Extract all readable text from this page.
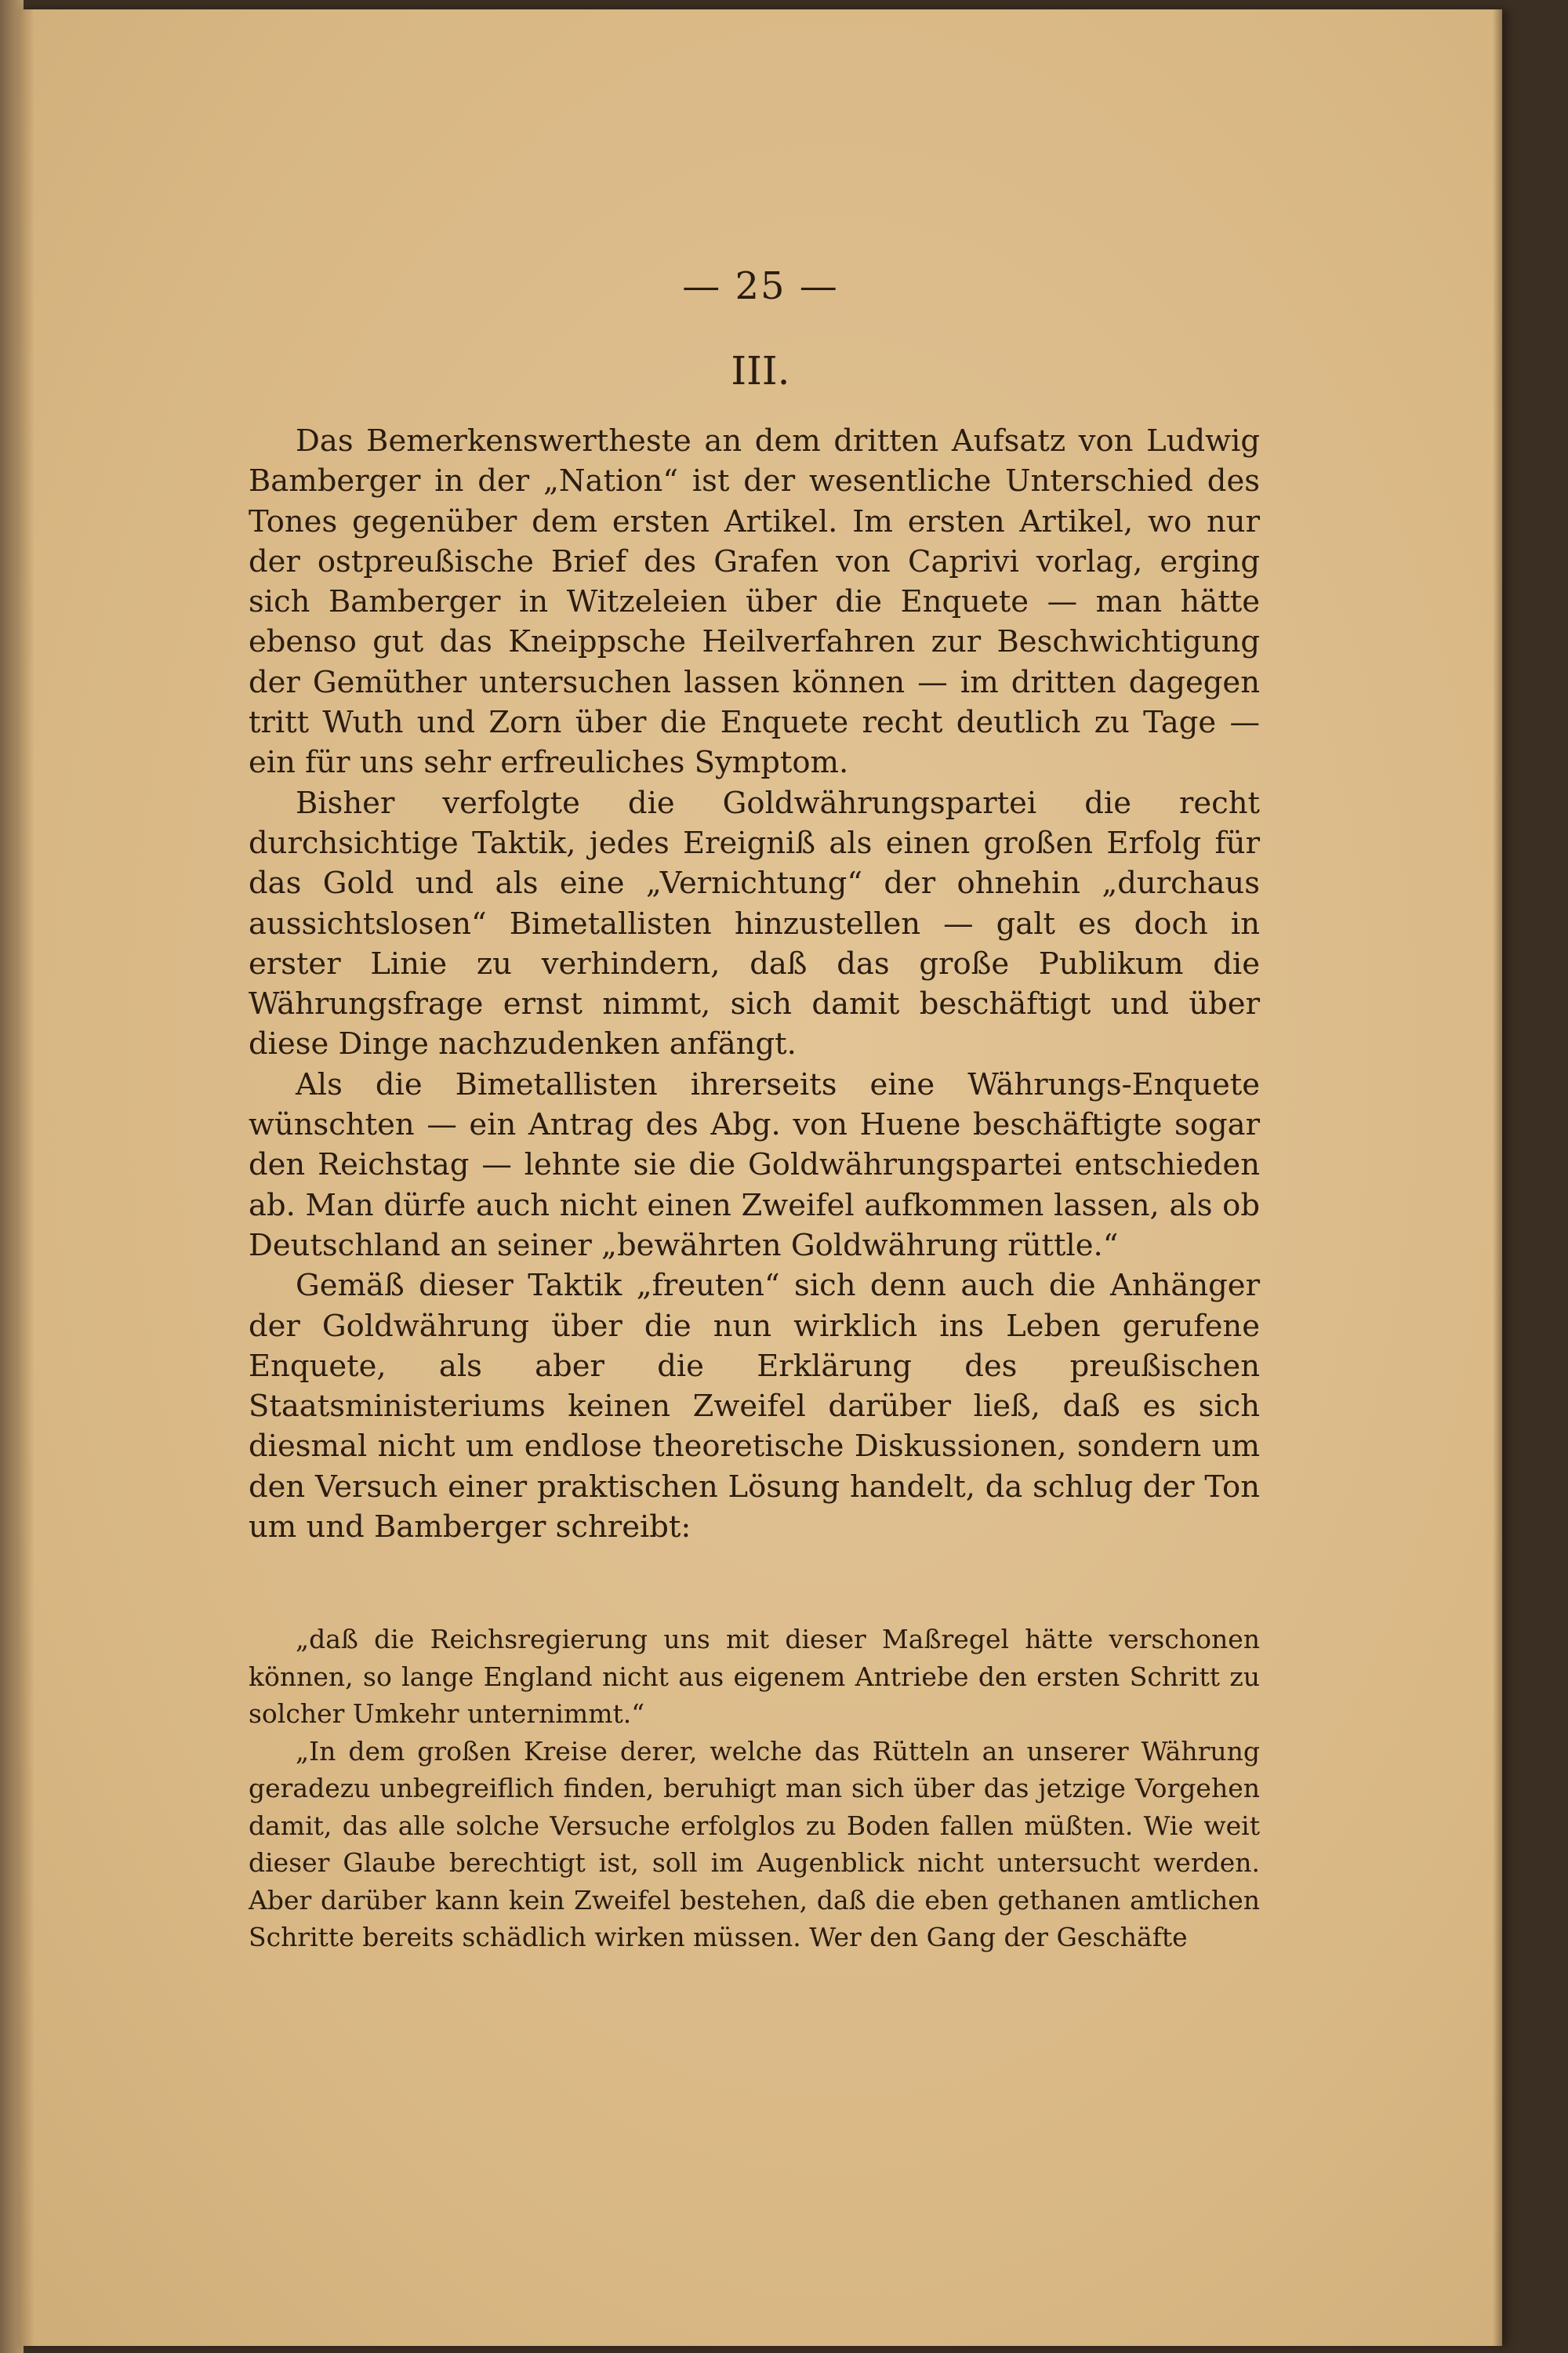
— 25 —
III.

Das Bemerkenswertheste an dem dritten Aufsatz von Ludwig Bamberger in der „Nation“ ist der wesentliche Unterschied des Tones gegenüber dem ersten Artikel. Im ersten Artikel, wo nur der ostpreußische Brief des Grafen von Caprivi vorlag, erging sich Bamberger in Witzeleien über die Enquete — man hätte ebenso gut das Kneippsche Heilverfahren zur Beschwichtigung der Gemüther untersuchen lassen können — im dritten dagegen tritt Wuth und Zorn über die Enquete recht deutlich zu Tage — ein für uns sehr erfreuliches Symptom.

Bisher verfolgte die Goldwährungspartei die recht durchsichtige Taktik, jedes Ereigniß als einen großen Erfolg für das Gold und als eine „Vernichtung“ der ohnehin „durchaus aussichtslosen“ Bimetallisten hinzustellen — galt es doch in erster Linie zu verhindern, daß das große Publikum die Währungsfrage ernst nimmt, sich damit beschäftigt und über diese Dinge nachzudenken anfängt.

Als die Bimetallisten ihrerseits eine Währungs-Enquete wünschten — ein Antrag des Abg. von Huene beschäftigte sogar den Reichstag — lehnte sie die Goldwährungspartei entschieden ab. Man dürfe auch nicht einen Zweifel aufkommen lassen, als ob Deutschland an seiner „bewährten Goldwährung rüttle.“

Gemäß dieser Taktik „freuten“ sich denn auch die Anhänger der Goldwährung über die nun wirklich ins Leben gerufene Enquete, als aber die Erklärung des preußischen Staatsministeriums keinen Zweifel darüber ließ, daß es sich diesmal nicht um endlose theoretische Diskussionen, sondern um den Versuch einer praktischen Lösung handelt, da schlug der Ton um und Bamberger schreibt:

„daß die Reichsregierung uns mit dieser Maßregel hätte verschonen können, so lange England nicht aus eigenem Antriebe den ersten Schritt zu solcher Umkehr unternimmt.“

„In dem großen Kreise derer, welche das Rütteln an unserer Währung geradezu unbegreiflich finden, beruhigt man sich über das jetzige Vorgehen damit, das alle solche Versuche erfolglos zu Boden fallen müßten. Wie weit dieser Glaube berechtigt ist, soll im Augenblick nicht untersucht werden. Aber darüber kann kein Zweifel bestehen, daß die eben gethanen amtlichen Schritte bereits schädlich wirken müssen. Wer den Gang der Geschäfte
